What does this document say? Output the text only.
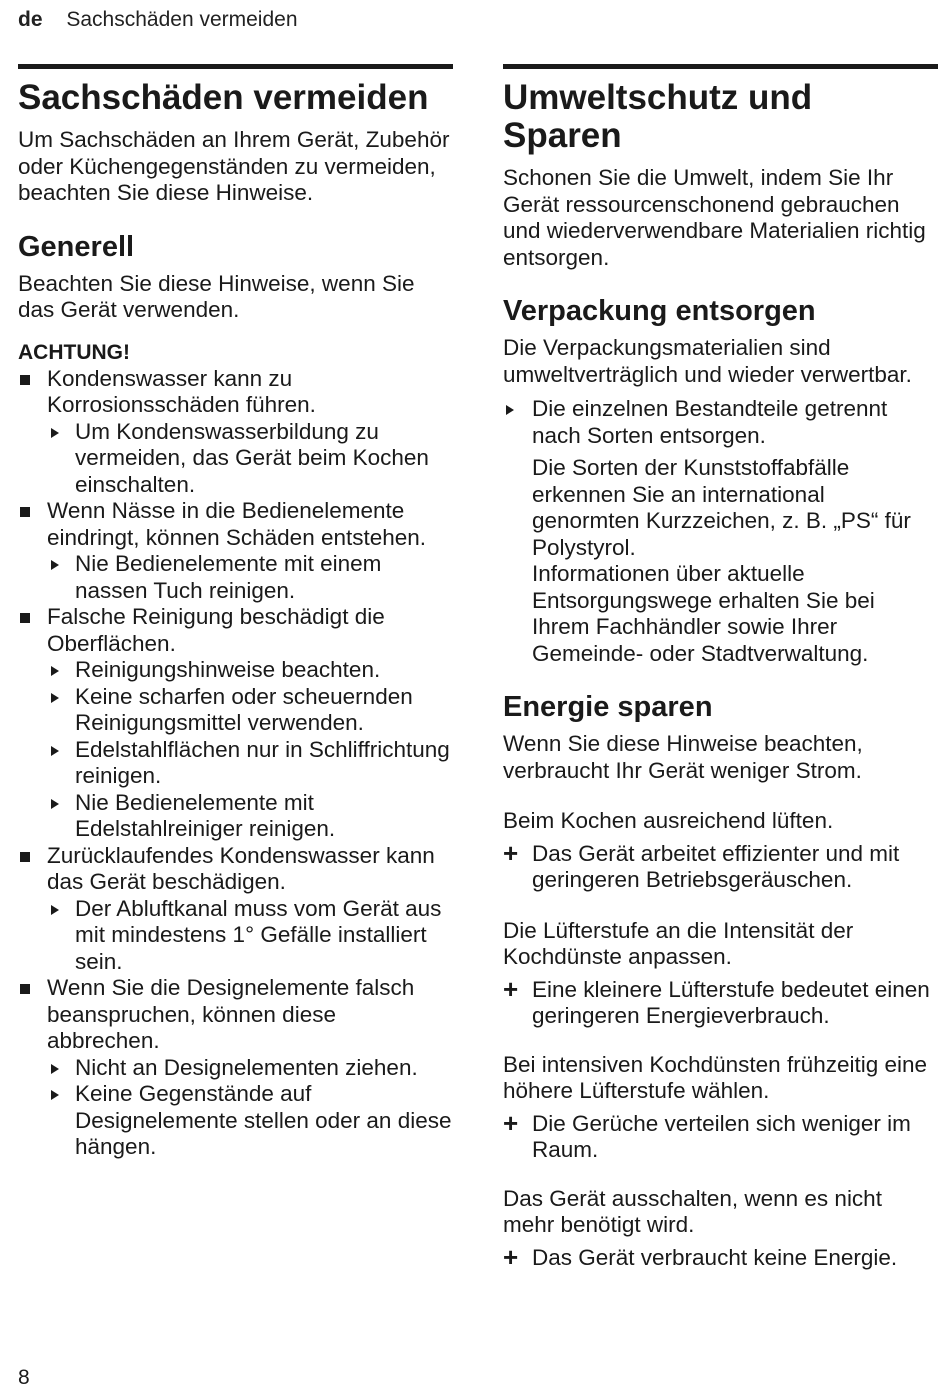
de Sachschäden vermeiden
Sachschäden vermeiden

Um Sachschäden an Ihrem Gerät, Zubehör oder Küchengegenständen zu vermeiden, beachten Sie diese Hinweise.

Generell

Beachten Sie diese Hinweise, wenn Sie das Gerät verwenden.

ACHTUNG!
Kondenswasser kann zu Korrosionsschäden führen.
Um Kondenswasserbildung zu vermeiden, das Gerät beim Kochen einschalten.
Wenn Nässe in die Bedienelemente eindringt, können Schäden entstehen.
Nie Bedienelemente mit einem nassen Tuch reinigen.
Falsche Reinigung beschädigt die Oberflächen.
Reinigungshinweise beachten.
Keine scharfen oder scheuernden Reinigungsmittel verwenden.
Edelstahlflächen nur in Schliffrichtung reinigen.
Nie Bedienelemente mit Edelstahlreiniger reinigen.
Zurücklaufendes Kondenswasser kann das Gerät beschädigen.
Der Abluftkanal muss vom Gerät aus mit mindestens 1° Gefälle installiert sein.
Wenn Sie die Designelemente falsch beanspruchen, können diese abbrechen.
Nicht an Designelementen ziehen.
Keine Gegenstände auf Designelemente stellen oder an diese hängen.
Umweltschutz und Sparen

Schonen Sie die Umwelt, indem Sie Ihr Gerät ressourcenschonend gebrauchen und wiederverwendbare Materialien richtig entsorgen.

Verpackung entsorgen

Die Verpackungsmaterialien sind umweltverträglich und wieder verwertbar.

Die einzelnen Bestandteile getrennt nach Sorten entsorgen.
Die Sorten der Kunststoffabfälle erkennen Sie an international genormten Kurzzeichen, z. B. „PS“ für Polystyrol.
Informationen über aktuelle Entsorgungswege erhalten Sie bei Ihrem Fachhändler sowie Ihrer Gemeinde- oder Stadtverwaltung.
Energie sparen

Wenn Sie diese Hinweise beachten, verbraucht Ihr Gerät weniger Strom.

Beim Kochen ausreichend lüften.

+ Das Gerät arbeitet effizienter und mit geringeren Betriebsgeräuschen.

Die Lüfterstufe an die Intensität der Kochdünste anpassen.

+ Eine kleinere Lüfterstufe bedeutet einen geringeren Energieverbrauch.

Bei intensiven Kochdünsten frühzeitig eine höhere Lüfterstufe wählen.

+ Die Gerüche verteilen sich weniger im Raum.

Das Gerät ausschalten, wenn es nicht mehr benötigt wird.

+ Das Gerät verbraucht keine Energie.
8
